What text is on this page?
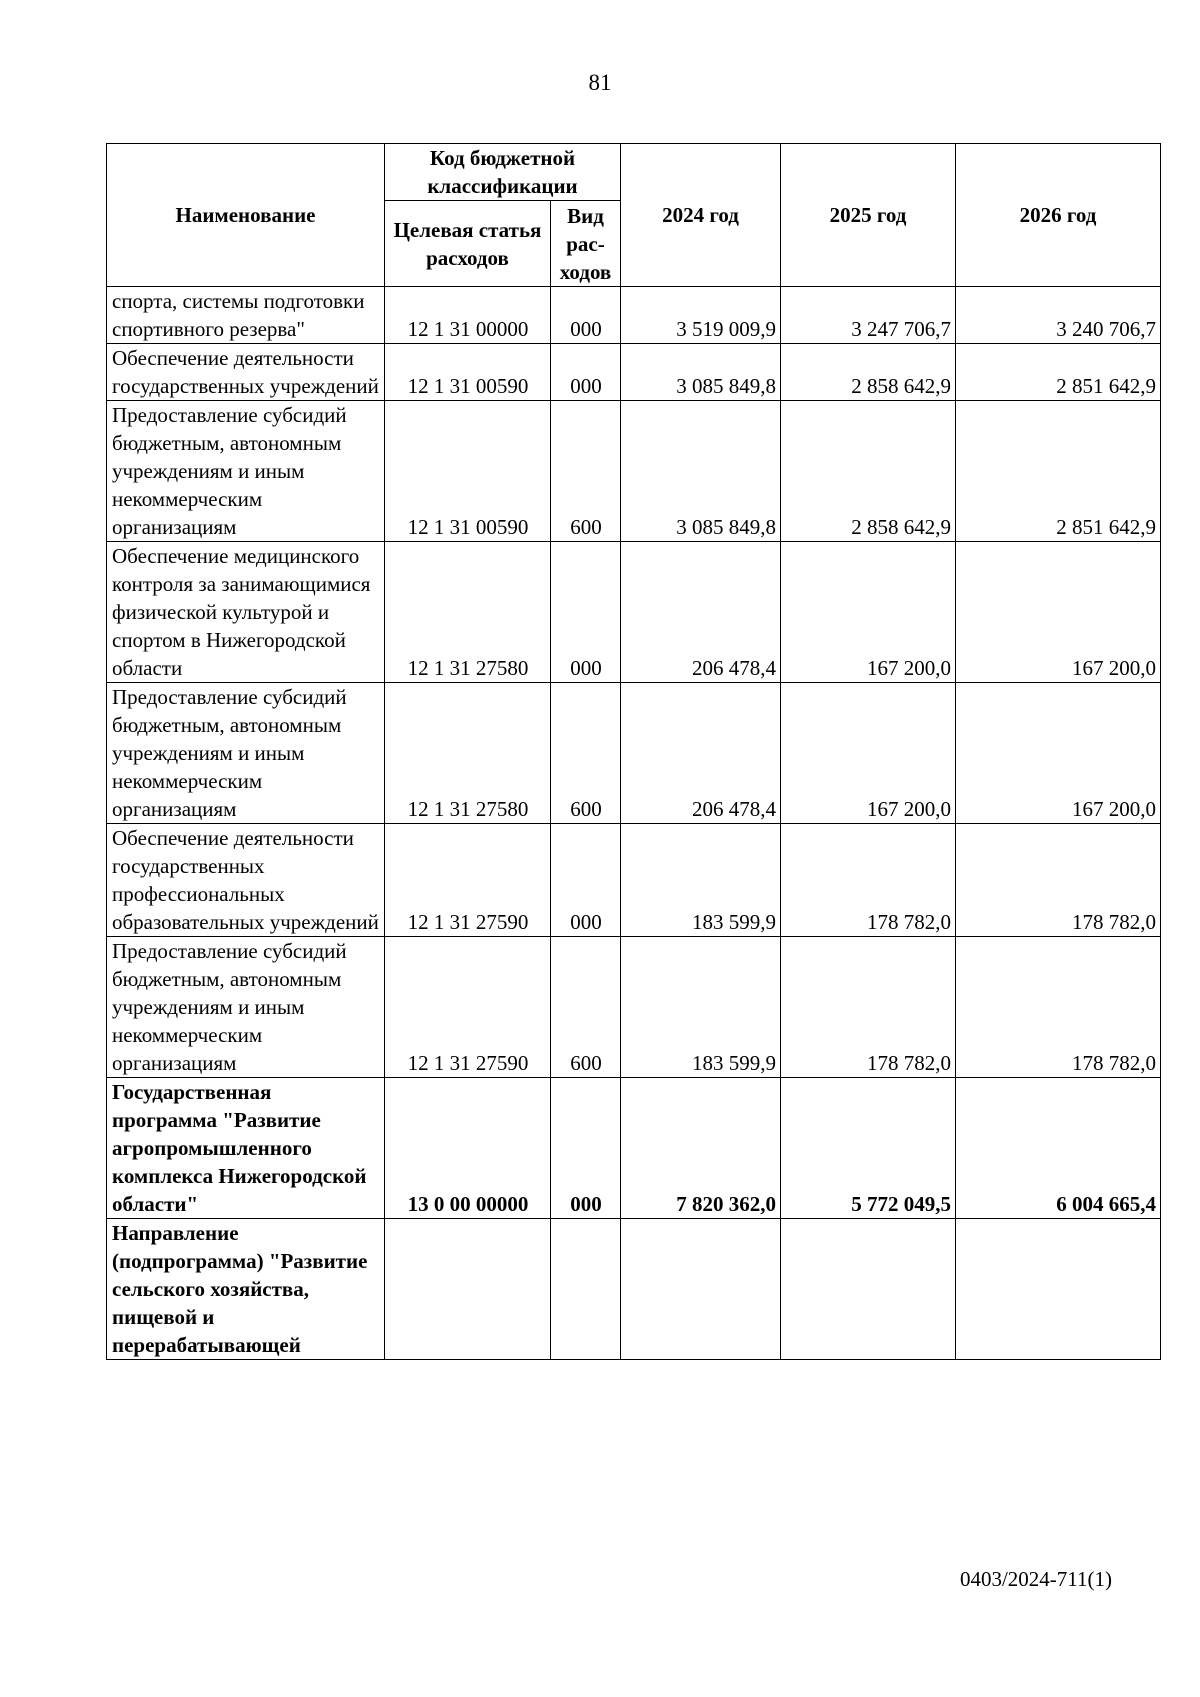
81
Наименование	Код бюджетной классификации		2024 год	2025 год	2026 год
	Целевая статья расходов	Вид рас-ходов			
спорта, системы подготовки спортивного резерва"	12 1 31 00000	000	3 519 009,9	3 247 706,7	3 240 706,7
Обеспечение деятельности государственных учреждений	12 1 31 00590	000	3 085 849,8	2 858 642,9	2 851 642,9
Предоставление субсидий бюджетным, автономным учреждениям и иным некоммерческим организациям	12 1 31 00590	600	3 085 849,8	2 858 642,9	2 851 642,9
Обеспечение медицинского контроля за занимающимися физической культурой и спортом в Нижегородской области	12 1 31 27580	000	206 478,4	167 200,0	167 200,0
Предоставление субсидий бюджетным, автономным учреждениям и иным некоммерческим организациям	12 1 31 27580	600	206 478,4	167 200,0	167 200,0
Обеспечение деятельности государственных профессиональных образовательных учреждений	12 1 31 27590	000	183 599,9	178 782,0	178 782,0
Предоставление субсидий бюджетным, автономным учреждениям и иным некоммерческим организациям	12 1 31 27590	600	183 599,9	178 782,0	178 782,0
Государственная программа "Развитие агропромышленного комплекса Нижегородской области"	13 0 00 00000	000	7 820 362,0	5 772 049,5	6 004 665,4
Направление (подпрограмма) "Развитие сельского хозяйства, пищевой и перерабатывающей					
0403/2024-711(1)
